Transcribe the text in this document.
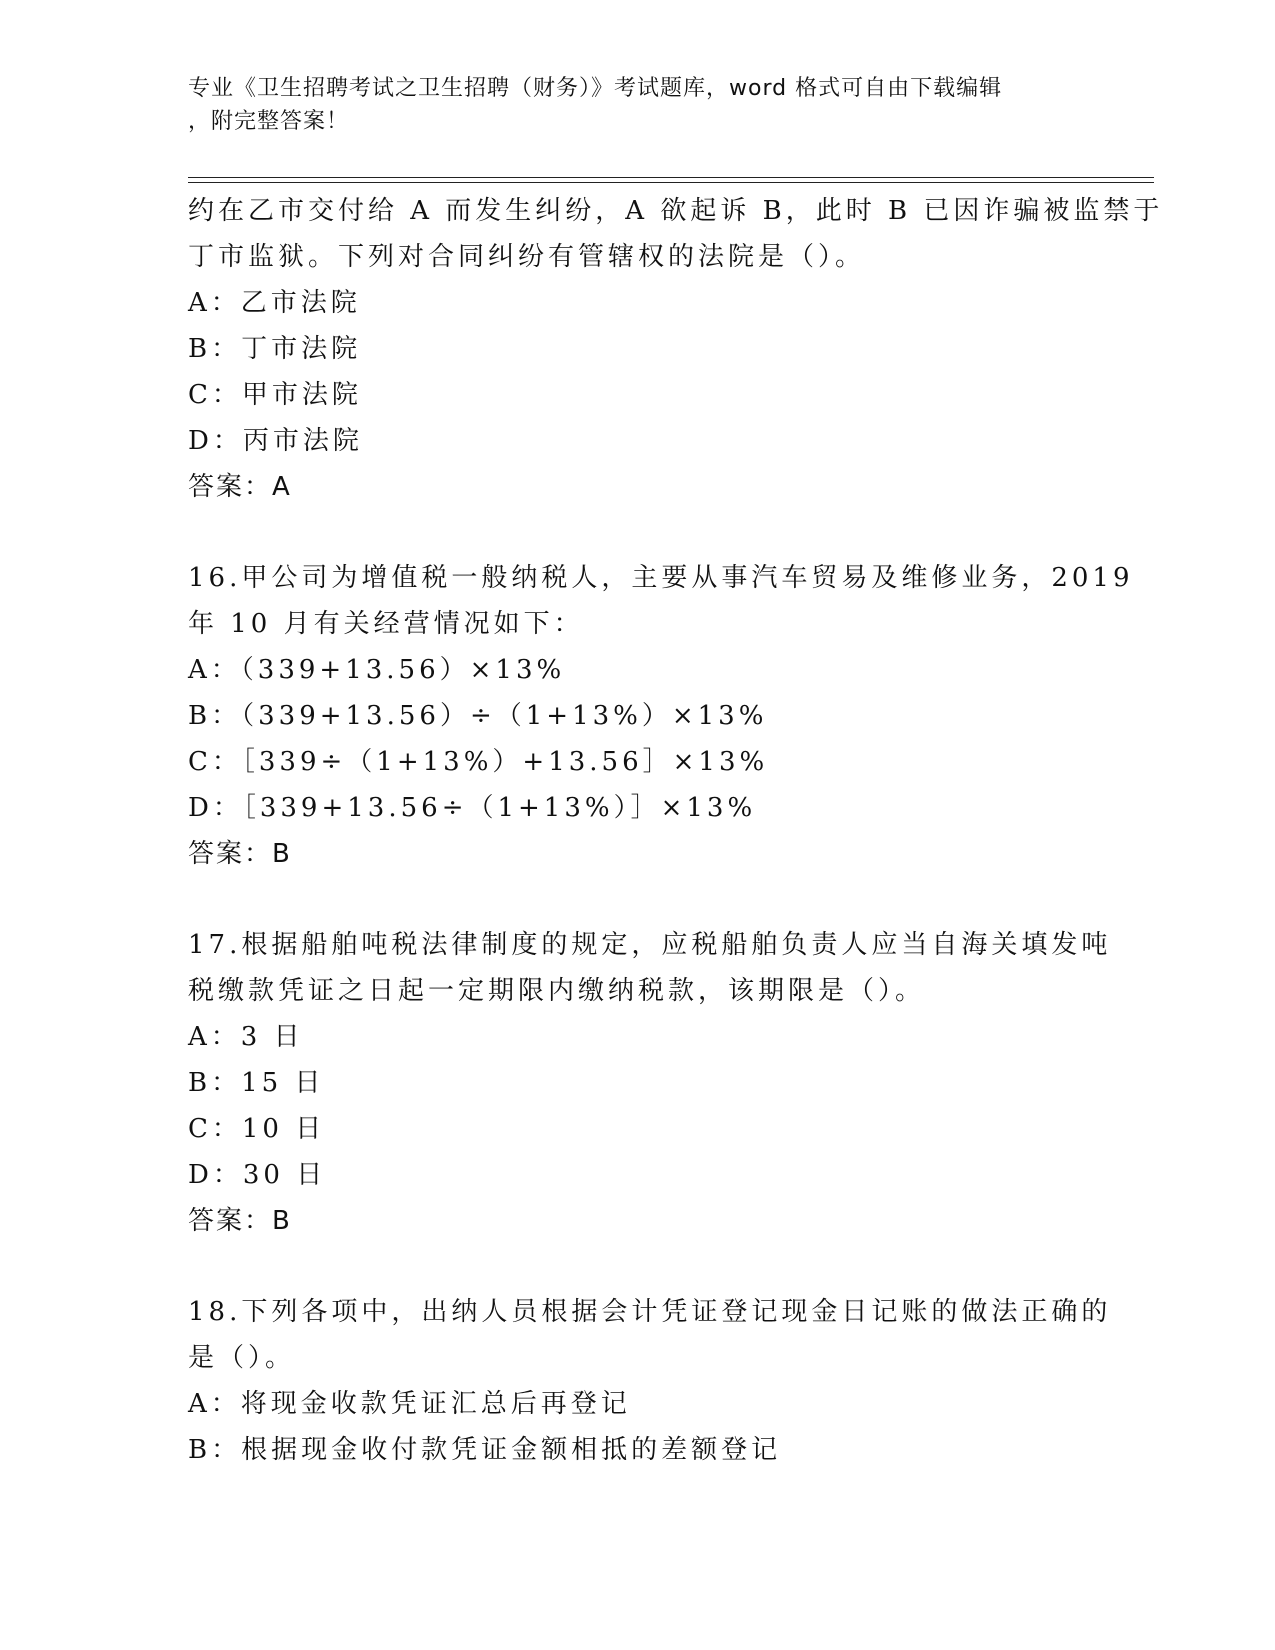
专业《卫生招聘考试之卫生招聘（财务）》考试题库，word 格式可自由下载编辑
，附完整答案！
约在乙市交付给 A 而发生纠纷，A 欲起诉 B，此时 B 已因诈骗被监禁于
丁市监狱。下列对合同纠纷有管辖权的法院是（）。
A：乙市法院
B：丁市法院
C：甲市法院
D：丙市法院
答案：A
16.甲公司为增值税一般纳税人，主要从事汽车贸易及维修业务，2019
年 10 月有关经营情况如下：
A：（339+13.56）×13%
B：（339+13.56）÷（1+13%）×13%
C：［339÷（1+13%）+13.56］×13%
D：［339+13.56÷（1+13%）］×13%
答案：B
17.根据船舶吨税法律制度的规定，应税船舶负责人应当自海关填发吨
税缴款凭证之日起一定期限内缴纳税款，该期限是（）。
A：3 日
B：15 日
C：10 日
D：30 日
答案：B
18.下列各项中，出纳人员根据会计凭证登记现金日记账的做法正确的
是（）。
A：将现金收款凭证汇总后再登记
B：根据现金收付款凭证金额相抵的差额登记
